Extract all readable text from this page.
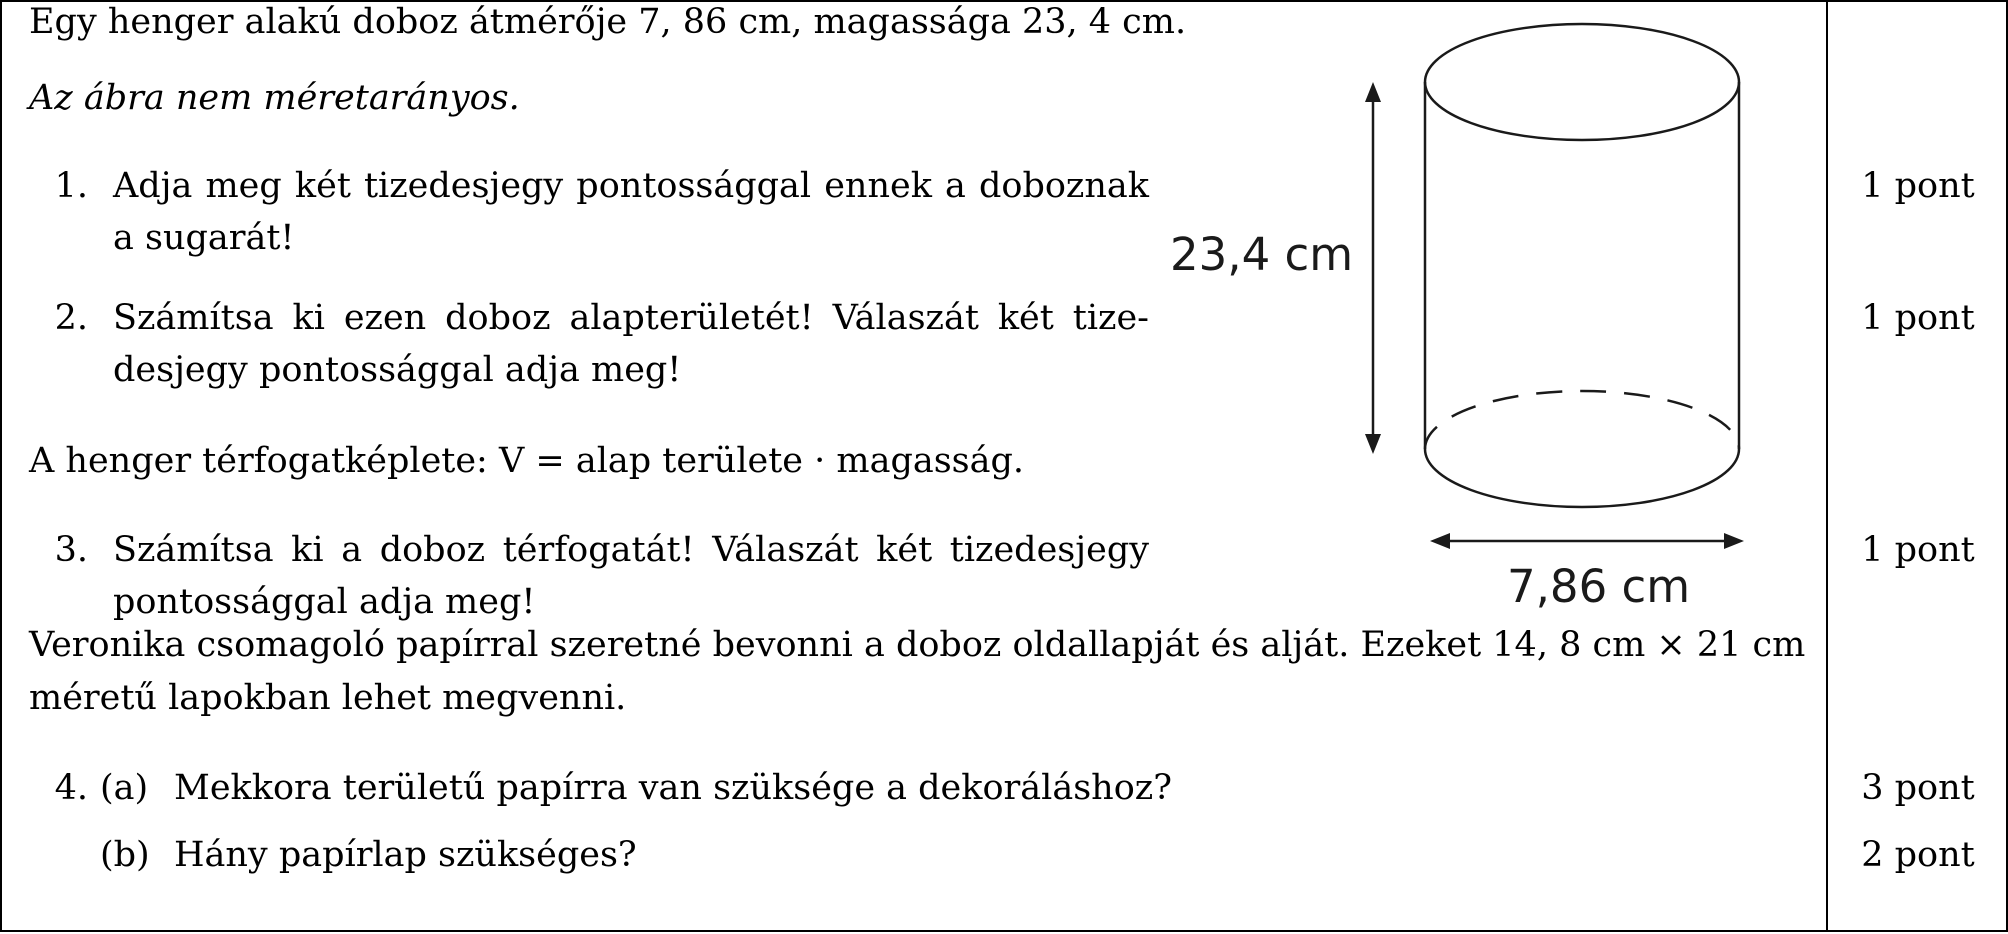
Egy henger alakú doboz átmérője 7, 86 cm, magassága 23, 4 cm.
Az ábra nem méretarányos.
1. Adja meg két tizedesjegy pontossággal ennek a doboznak
a sugarát!
1 pont
2. Számítsa ki ezen doboz alapterületét! Válaszát két tize-
desjegy pontossággal adja meg!
1 pont
A henger térfogatképlete: V = alap területe · magasság.
3. Számítsa ki a doboz térfogatát! Válaszát két tizedesjegy
pontossággal adja meg!
1 pont
Veronika csomagoló papírral szeretné bevonni a doboz oldallapját és alját. Ezeket 14, 8 cm × 21 cm
méretű lapokban lehet megvenni.
4. (a) Mekkora területű papírra van szüksége a dekoráláshoz?	3 pont
(b) Hány papírlap szükséges?	2 pont
23,4 cm
7,86 cm
